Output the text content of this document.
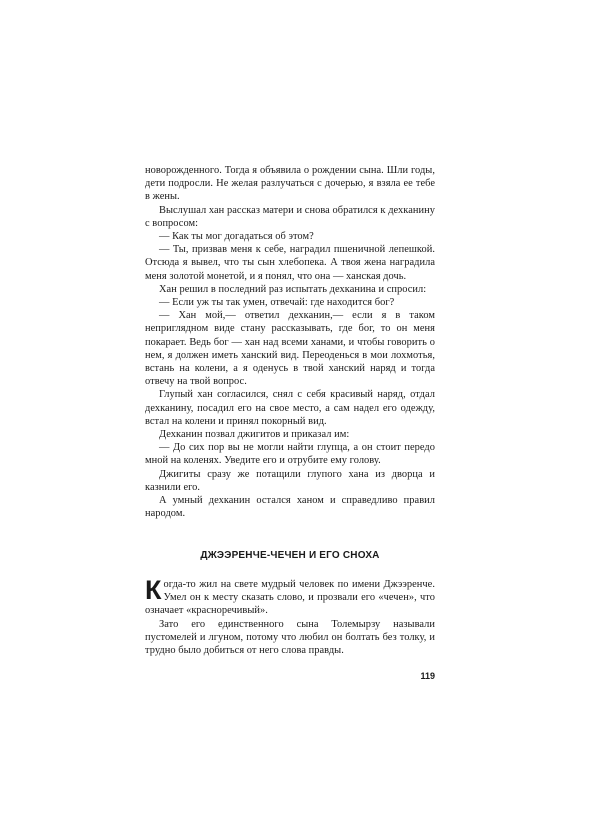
новорожденного. Тогда я объявила о рождении сына. Шли годы, дети подросли. Не желая разлучаться с дочерью, я взяла ее тебе в жены.

Выслушал хан рассказ матери и снова обратился к дехканину с вопросом:

— Как ты мог догадаться об этом?

— Ты, призвав меня к себе, наградил пшеничной лепешкой. Отсюда я вывел, что ты сын хлебопека. А твоя жена наградила меня золотой монетой, и я понял, что она — ханская дочь.

Хан решил в последний раз испытать дехканина и спросил:

— Если уж ты так умен, отвечай: где находится бог?

— Хан мой,— ответил дехканин,— если я в таком неприглядном виде стану рассказывать, где бог, то он меня покарает. Ведь бог — хан над всеми ханами, и чтобы говорить о нем, я должен иметь ханский вид. Переоденься в мои лохмотья, встань на колени, а я оденусь в твой ханский наряд и тогда отвечу на твой вопрос.

Глупый хан согласился, снял с себя красивый наряд, отдал дехканину, посадил его на свое место, а сам надел его одежду, встал на колени и принял покорный вид.

Дехканин позвал джигитов и приказал им:

— До сих пор вы не могли найти глупца, а он стоит передо мной на коленях. Уведите его и отрубите ему голову.

Джигиты сразу же потащили глупого хана из дворца и казнили его.

А умный дехканин остался ханом и справедливо правил народом.

ДЖЭЭРЕНЧЕ-ЧЕЧЕН И ЕГО СНОХА

Когда-то жил на свете мудрый человек по имени Джээренче. Умел он к месту сказать слово, и прозвали его «чечен», что означает «красноречивый».

Зато его единственного сына Толемырзу называли пустомелей и лгуном, потому что любил он болтать без толку, и трудно было добиться от него слова правды.

119
